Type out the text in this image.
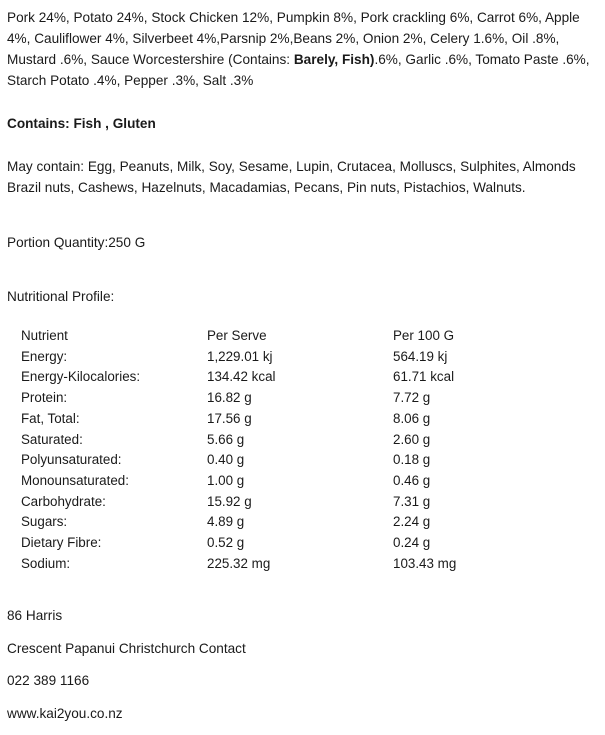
Pork 24%, Potato 24%, Stock Chicken 12%, Pumpkin 8%, Pork crackling 6%, Carrot 6%, Apple 4%, Cauliflower 4%, Silverbeet 4%,Parsnip 2%,Beans 2%, Onion 2%, Celery 1.6%, Oil .8%, Mustard .6%, Sauce Worcestershire (Contains: Barely, Fish).6%, Garlic .6%, Tomato Paste .6%, Starch Potato .4%, Pepper .3%, Salt .3%

Contains: Fish , Gluten
May contain: Egg, Peanuts, Milk, Soy, Sesame, Lupin, Crutacea, Molluscs, Sulphites, Almonds Brazil nuts, Cashews, Hazelnuts, Macadamias, Pecans, Pin nuts, Pistachios, Walnuts.
Portion Quantity:250 G
Nutritional Profile:
Nutrient	Per Serve	Per 100 G
Energy:	1,229.01 kj	564.19 kj
Energy-Kilocalories:	134.42 kcal	61.71 kcal
Protein:	16.82 g	7.72 g
Fat, Total:	17.56 g	8.06 g
Saturated:	5.66 g	2.60 g
Polyunsaturated:	0.40 g	0.18 g
Monounsaturated:	1.00 g	0.46 g
Carbohydrate:	15.92 g	7.31 g
Sugars:	4.89 g	2.24 g
Dietary Fibre:	0.52 g	0.24 g
Sodium:	225.32 mg	103.43 mg
86 Harris
Crescent Papanui Christchurch Contact
022 389 1166
www.kai2you.co.nz
